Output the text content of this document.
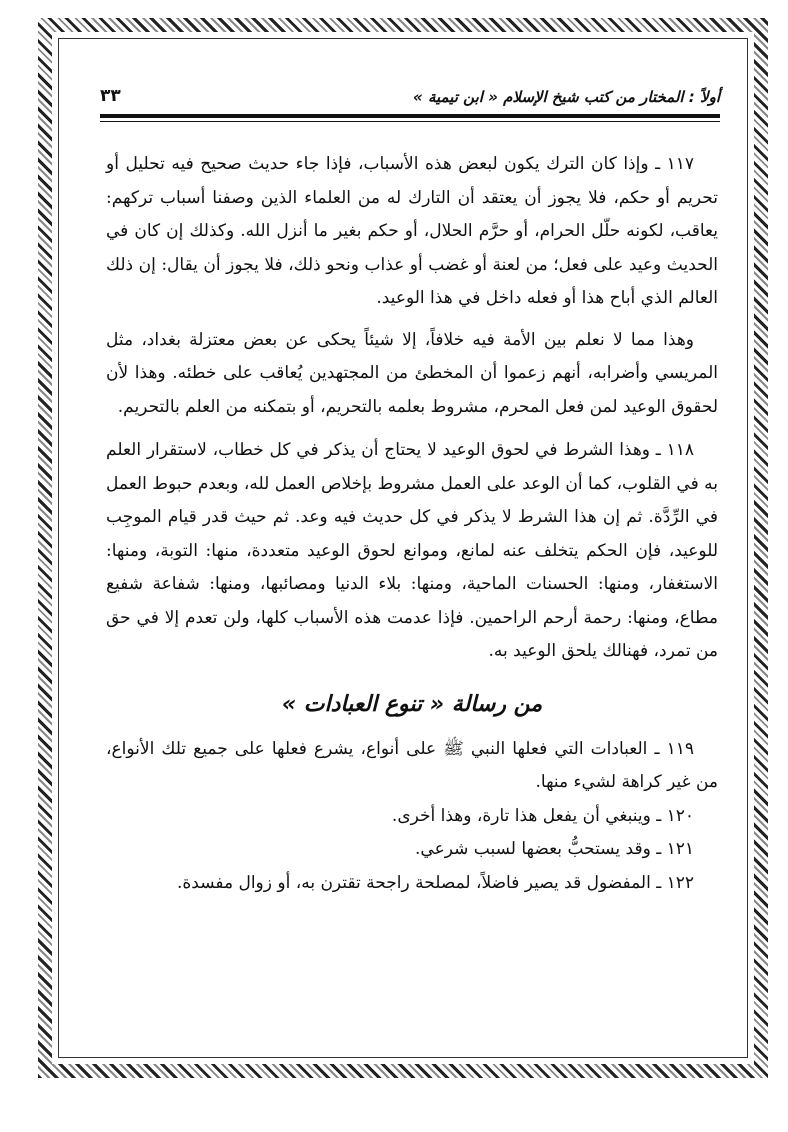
أولاً : المختار من كتب شيخ الإسلام « ابن تيمية »
٣٣

١١٧ ـ وإذا كان الترك يكون لبعض هذه الأسباب، فإذا جاء حديث صحيح فيه تحليل أو تحريم أو حكم، فلا يجوز أن يعتقد أن التارك له من العلماء الذين وصفنا أسباب تركهم: يعاقب، لكونه حلّل الحرام، أو حرَّم الحلال، أو حكم بغير ما أنزل الله. وكذلك إن كان في الحديث وعيد على فعل؛ من لعنة أو غضب أو عذاب ونحو ذلك، فلا يجوز أن يقال: إن ذلك العالم الذي أباح هذا أو فعله داخل في هذا الوعيد.

وهذا مما لا نعلم بين الأمة فيه خلافاً، إلا شيئاً يحكى عن بعض معتزلة بغداد، مثل المريسي وأضرابه، أنهم زعموا أن المخطئ من المجتهدين يُعاقب على خطئه. وهذا لأن لحقوق الوعيد لمن فعل المحرم، مشروط بعلمه بالتحريم، أو بتمكنه من العلم بالتحريم.

١١٨ ـ وهذا الشرط في لحوق الوعيد لا يحتاج أن يذكر في كل خطاب، لاستقرار العلم به في القلوب، كما أن الوعد على العمل مشروط بإخلاص العمل لله، وبعدم حبوط العمل في الرِّدَّة. ثم إن هذا الشرط لا يذكر في كل حديث فيه وعد. ثم حيث قدر قيام الموجِب للوعيد، فإن الحكم يتخلف عنه لمانع، وموانع لحوق الوعيد متعددة، منها: التوبة، ومنها: الاستغفار، ومنها: الحسنات الماحية، ومنها: بلاء الدنيا ومصائبها، ومنها: شفاعة شفيع مطاع، ومنها: رحمة أرحم الراحمين. فإذا عدمت هذه الأسباب كلها، ولن تعدم إلا في حق من تمرد، فهنالك يلحق الوعيد به.

من رسالة « تنوع العبادات »

١١٩ ـ العبادات التي فعلها النبي ﷺ على أنواع، يشرع فعلها على جميع تلك الأنواع، من غير كراهة لشيء منها.

١٢٠ ـ وينبغي أن يفعل هذا تارة، وهذا أخرى.

١٢١ ـ وقد يستحبُّ بعضها لسبب شرعي.

١٢٢ ـ المفضول قد يصير فاضلاً، لمصلحة راجحة تقترن به، أو زوال مفسدة.
